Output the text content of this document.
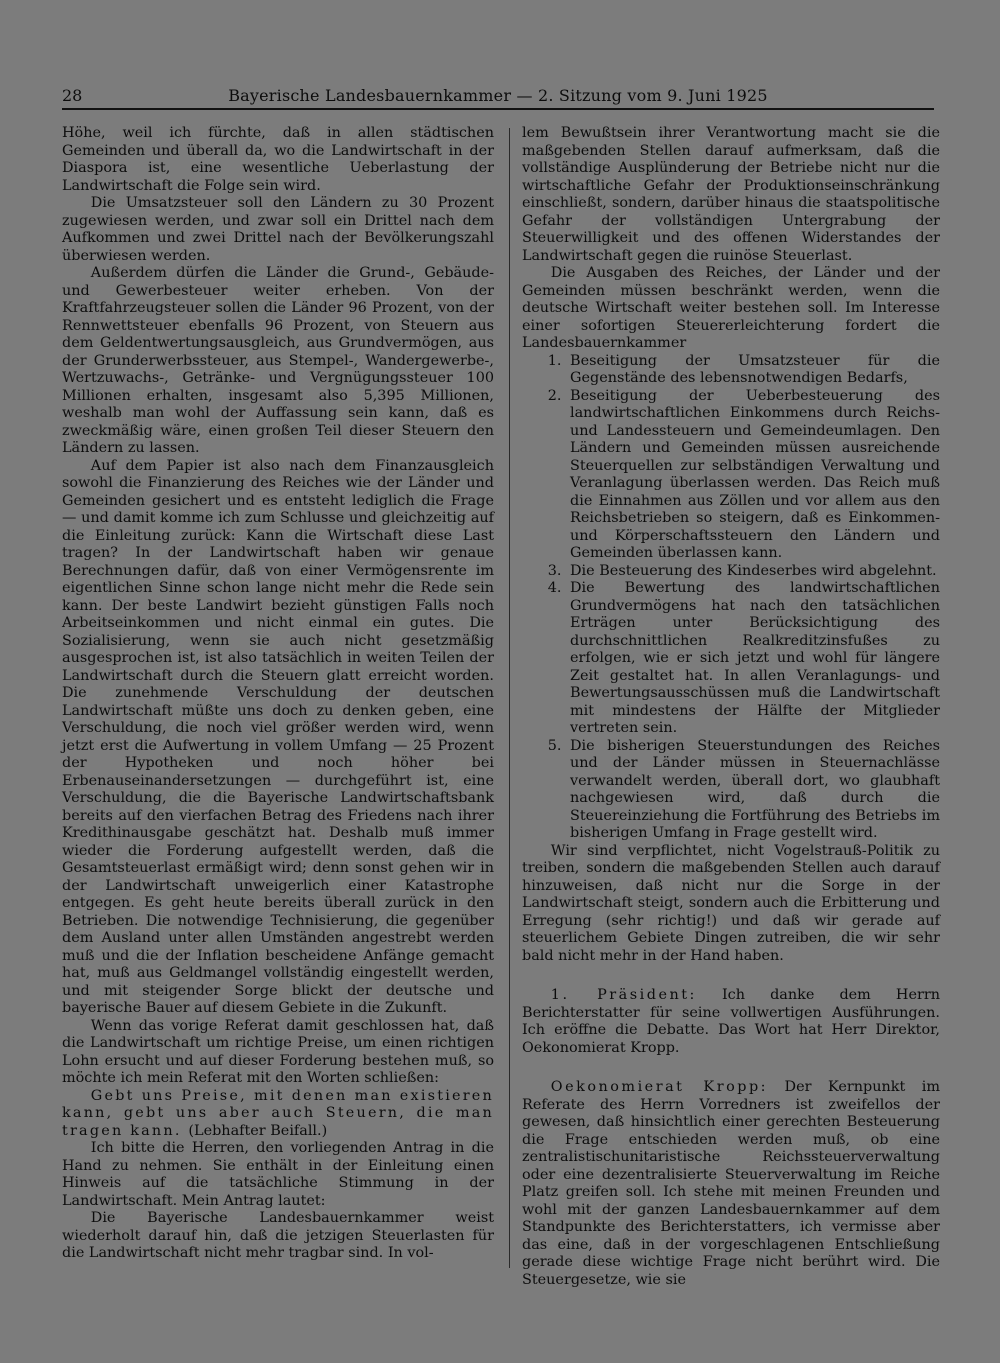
28	Bayerische Landesbauernkammer — 2. Sitzung vom 9. Juni 1925

Höhe, weil ich fürchte, daß in allen städtischen Gemeinden und überall da, wo die Landwirtschaft in der Diaspora ist, eine wesentliche Ueberlastung der Landwirtschaft die Folge sein wird.

Die Umsatzsteuer soll den Ländern zu 30 Prozent zugewiesen werden, und zwar soll ein Drittel nach dem Aufkommen und zwei Drittel nach der Bevölkerungszahl überwiesen werden.

Außerdem dürfen die Länder die Grund-, Gebäude- und Gewerbesteuer weiter erheben. Von der Kraftfahrzeugsteuer sollen die Länder 96 Prozent, von der Rennwettsteuer ebenfalls 96 Prozent, von Steuern aus dem Geldentwertungsausgleich, aus Grundvermögen, aus der Grunderwerbssteuer, aus Stempel-, Wandergewerbe-, Wertzuwachs-, Getränke- und Vergnügungssteuer 100 Millionen erhalten, insgesamt also 5,395 Millionen, weshalb man wohl der Auffassung sein kann, daß es zweckmäßig wäre, einen großen Teil dieser Steuern den Ländern zu lassen.

Auf dem Papier ist also nach dem Finanzausgleich sowohl die Finanzierung des Reiches wie der Länder und Gemeinden gesichert und es entsteht lediglich die Frage — und damit komme ich zum Schlusse und gleichzeitig auf die Einleitung zurück: Kann die Wirtschaft diese Last tragen? In der Landwirtschaft haben wir genaue Berechnungen dafür, daß von einer Vermögensrente im eigentlichen Sinne schon lange nicht mehr die Rede sein kann. Der beste Landwirt bezieht günstigen Falls noch Arbeitseinkommen und nicht einmal ein gutes. Die Sozialisierung, wenn sie auch nicht gesetzmäßig ausgesprochen ist, ist also tatsächlich in weiten Teilen der Landwirtschaft durch die Steuern glatt erreicht worden. Die zunehmende Verschuldung der deutschen Landwirtschaft müßte uns doch zu denken geben, eine Verschuldung, die noch viel größer werden wird, wenn jetzt erst die Aufwertung in vollem Umfang — 25 Prozent der Hypotheken und noch höher bei Erbenauseinandersetzungen — durchgeführt ist, eine Verschuldung, die die Bayerische Landwirtschaftsbank bereits auf den vierfachen Betrag des Friedens nach ihrer Kredithinausgabe geschätzt hat. Deshalb muß immer wieder die Forderung aufgestellt werden, daß die Gesamtsteuerlast ermäßigt wird; denn sonst gehen wir in der Landwirtschaft unweigerlich einer Katastrophe entgegen. Es geht heute bereits überall zurück in den Betrieben. Die notwendige Technisierung, die gegenüber dem Ausland unter allen Umständen angestrebt werden muß und die der Inflation bescheidene Anfänge gemacht hat, muß aus Geldmangel vollständig eingestellt werden, und mit steigender Sorge blickt der deutsche und bayerische Bauer auf diesem Gebiete in die Zukunft.

Wenn das vorige Referat damit geschlossen hat, daß die Landwirtschaft um richtige Preise, um einen richtigen Lohn ersucht und auf dieser Forderung bestehen muß, so möchte ich mein Referat mit den Worten schließen:

Gebt uns Preise, mit denen man existieren kann, gebt uns aber auch Steuern, die man tragen kann. (Lebhafter Beifall.)

Ich bitte die Herren, den vorliegenden Antrag in die Hand zu nehmen. Sie enthält in der Einleitung einen Hinweis auf die tatsächliche Stimmung in der Landwirtschaft. Mein Antrag lautet:

Die Bayerische Landesbauernkammer weist wiederholt darauf hin, daß die jetzigen Steuerlasten für die Landwirtschaft nicht mehr tragbar sind. In vol-

lem Bewußtsein ihrer Verantwortung macht sie die maßgebenden Stellen darauf aufmerksam, daß die vollständige Ausplünderung der Betriebe nicht nur die wirtschaftliche Gefahr der Produktionseinschränkung einschließt, sondern, darüber hinaus die staatspolitische Gefahr der vollständigen Untergrabung der Steuerwilligkeit und des offenen Widerstandes der Landwirtschaft gegen die ruinöse Steuerlast.

Die Ausgaben des Reiches, der Länder und der Gemeinden müssen beschränkt werden, wenn die deutsche Wirtschaft weiter bestehen soll. Im Interesse einer sofortigen Steuererleichterung fordert die Landesbauernkammer

1. Beseitigung der Umsatzsteuer für die Gegenstände des lebensnotwendigen Bedarfs,
2. Beseitigung der Ueberbesteuerung des landwirtschaftlichen Einkommens durch Reichs- und Landessteuern und Gemeindeumlagen. Den Ländern und Gemeinden müssen ausreichende Steuerquellen zur selbständigen Verwaltung und Veranlagung überlassen werden. Das Reich muß die Einnahmen aus Zöllen und vor allem aus den Reichsbetrieben so steigern, daß es Einkommen- und Körperschaftssteuern den Ländern und Gemeinden überlassen kann.
3. Die Besteuerung des Kindeserbes wird abgelehnt.
4. Die Bewertung des landwirtschaftlichen Grundvermögens hat nach den tatsächlichen Erträgen unter Berücksichtigung des durchschnittlichen Realkreditzinsfußes zu erfolgen, wie er sich jetzt und wohl für längere Zeit gestaltet hat. In allen Veranlagungs- und Bewertungsausschüssen muß die Landwirtschaft mit mindestens der Hälfte der Mitglieder vertreten sein.
5. Die bisherigen Steuerstundungen des Reiches und der Länder müssen in Steuernachlässe verwandelt werden, überall dort, wo glaubhaft nachgewiesen wird, daß durch die Steuereinziehung die Fortführung des Betriebs im bisherigen Umfang in Frage gestellt wird.

Wir sind verpflichtet, nicht Vogelstrauß-Politik zu treiben, sondern die maßgebenden Stellen auch darauf hinzuweisen, daß nicht nur die Sorge in der Landwirtschaft steigt, sondern auch die Erbitterung und Erregung (sehr richtig!) und daß wir gerade auf steuerlichem Gebiete Dingen zutreiben, die wir sehr bald nicht mehr in der Hand haben.

1. Präsident: Ich danke dem Herrn Berichterstatter für seine vollwertigen Ausführungen. Ich eröffne die Debatte. Das Wort hat Herr Direktor, Oekonomierat Kropp.

Oekonomierat Kropp: Der Kernpunkt im Referate des Herrn Vorredners ist zweifellos der gewesen, daß hinsichtlich einer gerechten Besteuerung die Frage entschieden werden muß, ob eine zentralistischunitaristische Reichssteuerverwaltung oder eine dezentralisierte Steuerverwaltung im Reiche Platz greifen soll. Ich stehe mit meinen Freunden und wohl mit der ganzen Landesbauernkammer auf dem Standpunkte des Berichterstatters, ich vermisse aber das eine, daß in der vorgeschlagenen Entschließung gerade diese wichtige Frage nicht berührt wird. Die Steuergesetze, wie sie
